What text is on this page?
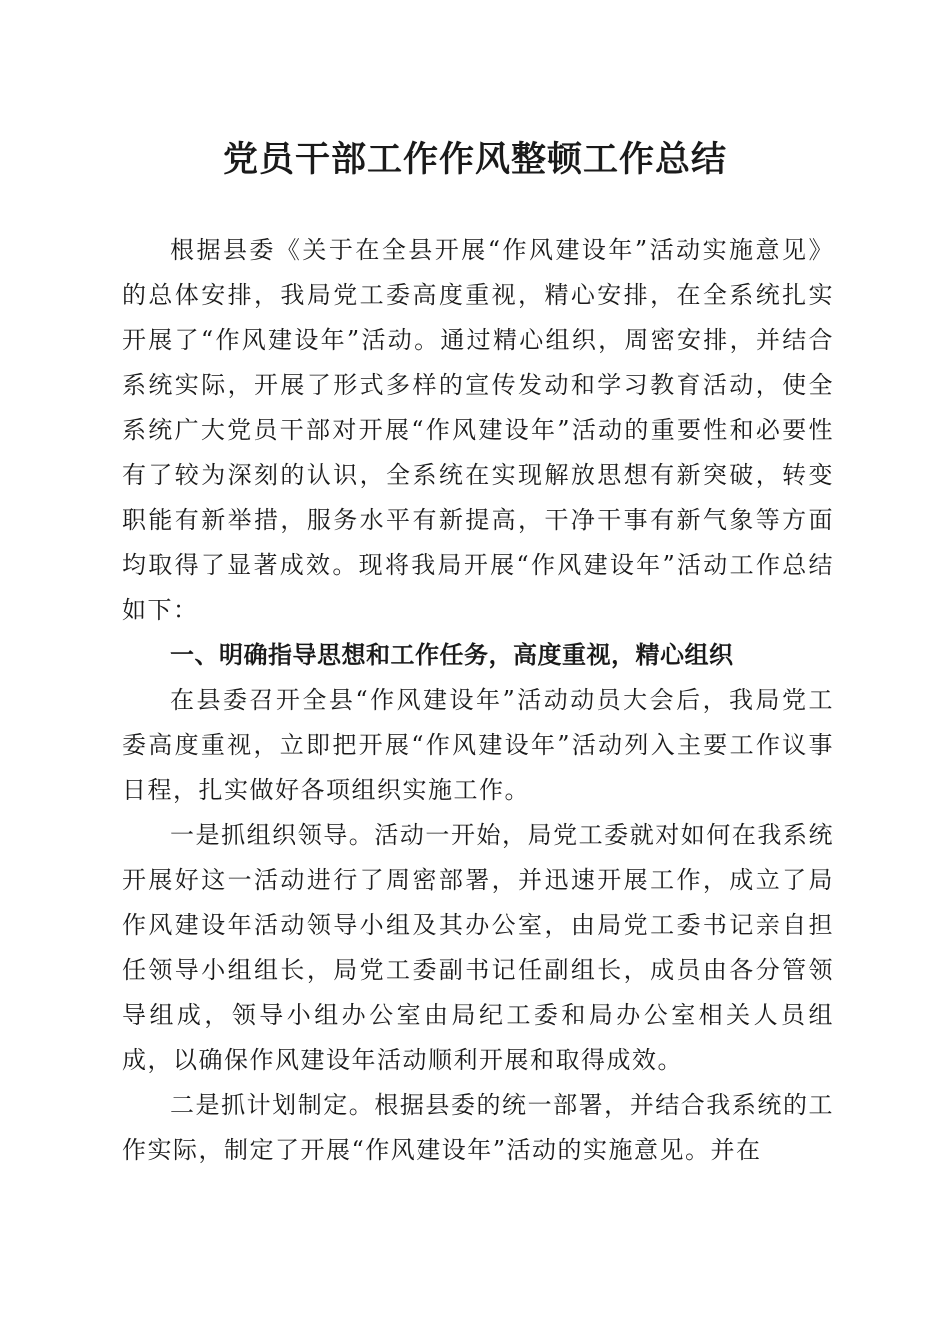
党员干部工作作风整顿工作总结

根据县委《关于在全县开展“作风建设年”活动实施意见》的总体安排，我局党工委高度重视，精心安排，在全系统扎实开展了“作风建设年”活动。通过精心组织，周密安排，并结合系统实际，开展了形式多样的宣传发动和学习教育活动，使全系统广大党员干部对开展“作风建设年”活动的重要性和必要性有了较为深刻的认识，全系统在实现解放思想有新突破，转变职能有新举措，服务水平有新提高，干净干事有新气象等方面均取得了显著成效。现将我局开展“作风建设年”活动工作总结如下：

一、明确指导思想和工作任务，高度重视，精心组织

在县委召开全县“作风建设年”活动动员大会后，我局党工委高度重视，立即把开展“作风建设年”活动列入主要工作议事日程，扎实做好各项组织实施工作。

一是抓组织领导。活动一开始，局党工委就对如何在我系统开展好这一活动进行了周密部署，并迅速开展工作，成立了局作风建设年活动领导小组及其办公室，由局党工委书记亲自担任领导小组组长，局党工委副书记任副组长，成员由各分管领导组成，领导小组办公室由局纪工委和局办公室相关人员组成，以确保作风建设年活动顺利开展和取得成效。

二是抓计划制定。根据县委的统一部署，并结合我系统的工作实际，制定了开展“作风建设年”活动的实施意见。并在
